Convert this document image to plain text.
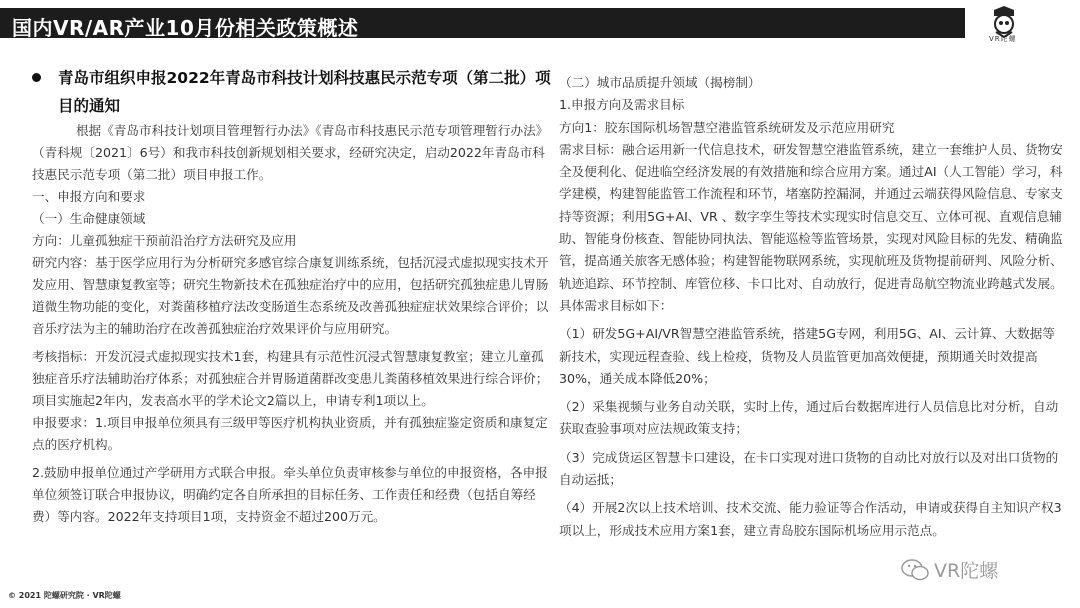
国内VR/AR产业10月份相关政策概述	VR陀螺
青岛市组织申报2022年青岛市科技计划科技惠民示范专项（第二批）项目的通知

根据《青岛市科技计划项目管理暂行办法》《青岛市科技惠民示范专项管理暂行办法》（青科规〔2021〕6号）和我市科技创新规划相关要求，经研究决定，启动2022年青岛市科技惠民示范专项（第二批）项目申报工作。

一、申报方向和要求

（一）生命健康领域

方向：儿童孤独症干预前沿治疗方法研究及应用

研究内容：基于医学应用行为分析研究多感官综合康复训练系统，包括沉浸式虚拟现实技术开发应用、智慧康复教室等；研究生物新技术在孤独症治疗中的应用，包括研究孤独症患儿胃肠道微生物功能的变化，对粪菌移植疗法改变肠道生态系统及改善孤独症症状效果综合评价；以音乐疗法为主的辅助治疗在改善孤独症治疗效果评价与应用研究。

考核指标：开发沉浸式虚拟现实技术1套，构建具有示范性沉浸式智慧康复教室；建立儿童孤独症音乐疗法辅助治疗体系；对孤独症合并胃肠道菌群改变患儿粪菌移植效果进行综合评价；项目实施起2年内，发表高水平的学术论文2篇以上，申请专利1项以上。

申报要求：1.项目申报单位须具有三级甲等医疗机构执业资质，并有孤独症鉴定资质和康复定点的医疗机构。

2.鼓励申报单位通过产学研用方式联合申报。牵头单位负责审核参与单位的申报资格，各申报单位须签订联合申报协议，明确约定各自所承担的目标任务、工作责任和经费（包括自筹经费）等内容。2022年支持项目1项，支持资金不超过200万元。

（二）城市品质提升领域（揭榜制）

1.申报方向及需求目标

方向1：胶东国际机场智慧空港监管系统研发及示范应用研究

需求目标：融合运用新一代信息技术，研发智慧空港监管系统，建立一套维护人员、货物安全及便利化、促进临空经济发展的有效措施和综合应用方案。通过AI（人工智能）学习，科学建模，构建智能监管工作流程和环节，堵塞防控漏洞，并通过云端获得风险信息、专家支持等资源；利用5G+AI、VR 、数字孪生等技术实现实时信息交互、立体可视、直观信息辅助、智能身份核查、智能协同执法、智能巡检等监管场景，实现对风险目标的先发、精确监管，提高通关旅客无感体验；构建智能物联网系统，实现航班及货物提前研判、风险分析、轨迹追踪、环节控制、库管位移、卡口比对、自动放行，促进青岛航空物流业跨越式发展。具体需求目标如下：

（1）研发5G+AI/VR智慧空港监管系统，搭建5G专网，利用5G、AI、云计算、大数据等新技术，实现远程查验、线上检疫，货物及人员监管更加高效便捷，预期通关时效提高30%，通关成本降低20%；

（2）采集视频与业务自动关联，实时上传，通过后台数据库进行人员信息比对分析，自动获取查验事项对应法规政策支持；

（3）完成货运区智慧卡口建设，在卡口实现对进口货物的自动比对放行以及对出口货物的自动运抵；

（4）开展2次以上技术培训、技术交流、能力验证等合作活动，申请或获得自主知识产权3项以上，形成技术应用方案1套，建立青岛胶东国际机场应用示范点。

VR陀螺
© 2021 陀螺研究院 · VR陀螺
